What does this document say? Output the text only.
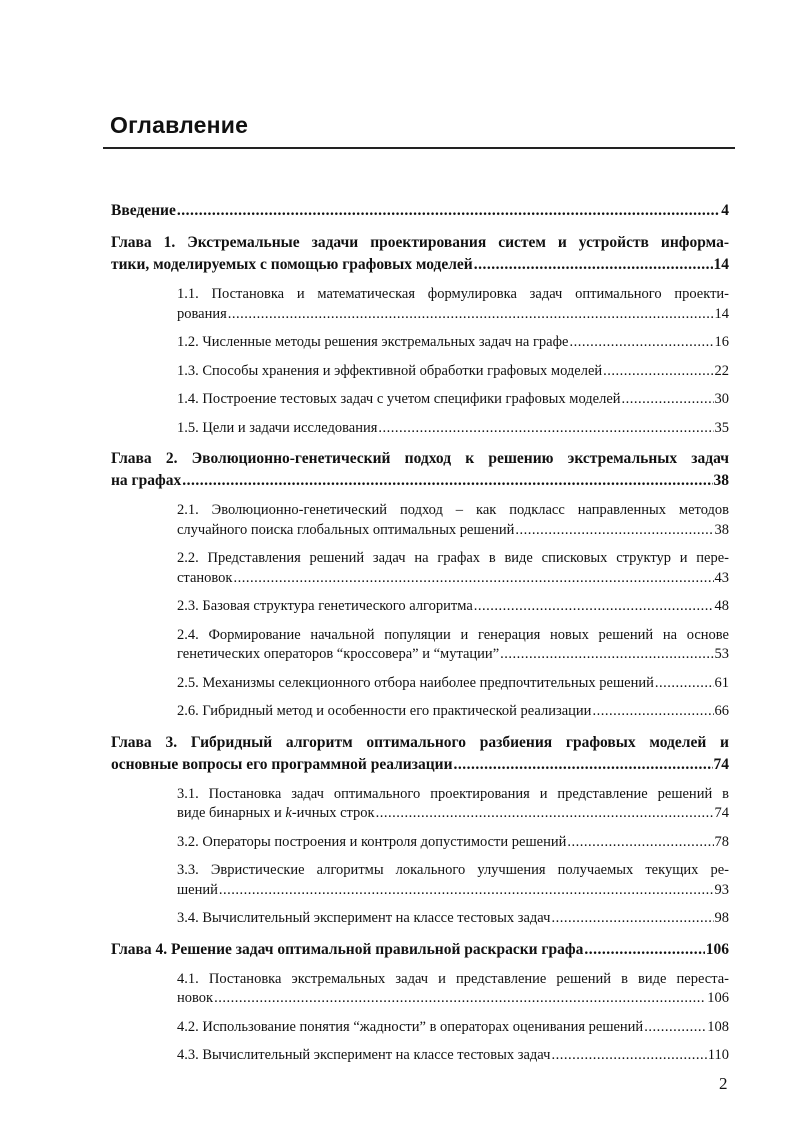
Оглавление
Введение .....	4
Глава 1. Экстремальные задачи проектирования систем и устройств информа-
тики, моделируемых с помощью графовых моделей .....	14
1.1. Постановка и математическая формулировка задач оптимального проекти-
рования .....	14
1.2. Численные методы решения экстремальных задач на графе .....	16
1.3. Способы хранения и эффективной обработки графовых моделей .....	22
1.4. Построение тестовых задач с учетом специфики графовых моделей .....	30
1.5. Цели и задачи исследования .....	35
Глава 2. Эволюционно-генетический подход к решению экстремальных задач
на графах .....	38
2.1. Эволюционно-генетический подход – как подкласс направленных методов
случайного поиска глобальных оптимальных решений .....	38
2.2. Представления решений задач на графах в виде списковых структур и пере-
становок .....	43
2.3. Базовая структура генетического алгоритма .....	48
2.4. Формирование начальной популяции и генерация новых решений на основе
генетических операторов “кроссовера” и “мутации” .....	53
2.5. Механизмы селекционного отбора наиболее предпочтительных решений .....	61
2.6. Гибридный метод и особенности его практической реализации .....	66
Глава 3. Гибридный алгоритм оптимального разбиения графовых моделей и
основные вопросы его программной реализации .....	74
3.1. Постановка задач оптимального проектирования и представление решений в
виде бинарных и k-ичных строк .....	74
3.2. Операторы построения и контроля допустимости решений .....	78
3.3. Эвристические алгоритмы локального улучшения получаемых текущих ре-
шений .....	93
3.4. Вычислительный эксперимент на классе тестовых задач .....	98
Глава 4. Решение задач оптимальной правильной раскраски графа .....	106
4.1. Постановка экстремальных задач и представление решений в виде переста-
новок .....	106
4.2. Использование понятия “жадности” в операторах оценивания решений .....	108
4.3. Вычислительный эксперимент на классе тестовых задач .....	110
2
